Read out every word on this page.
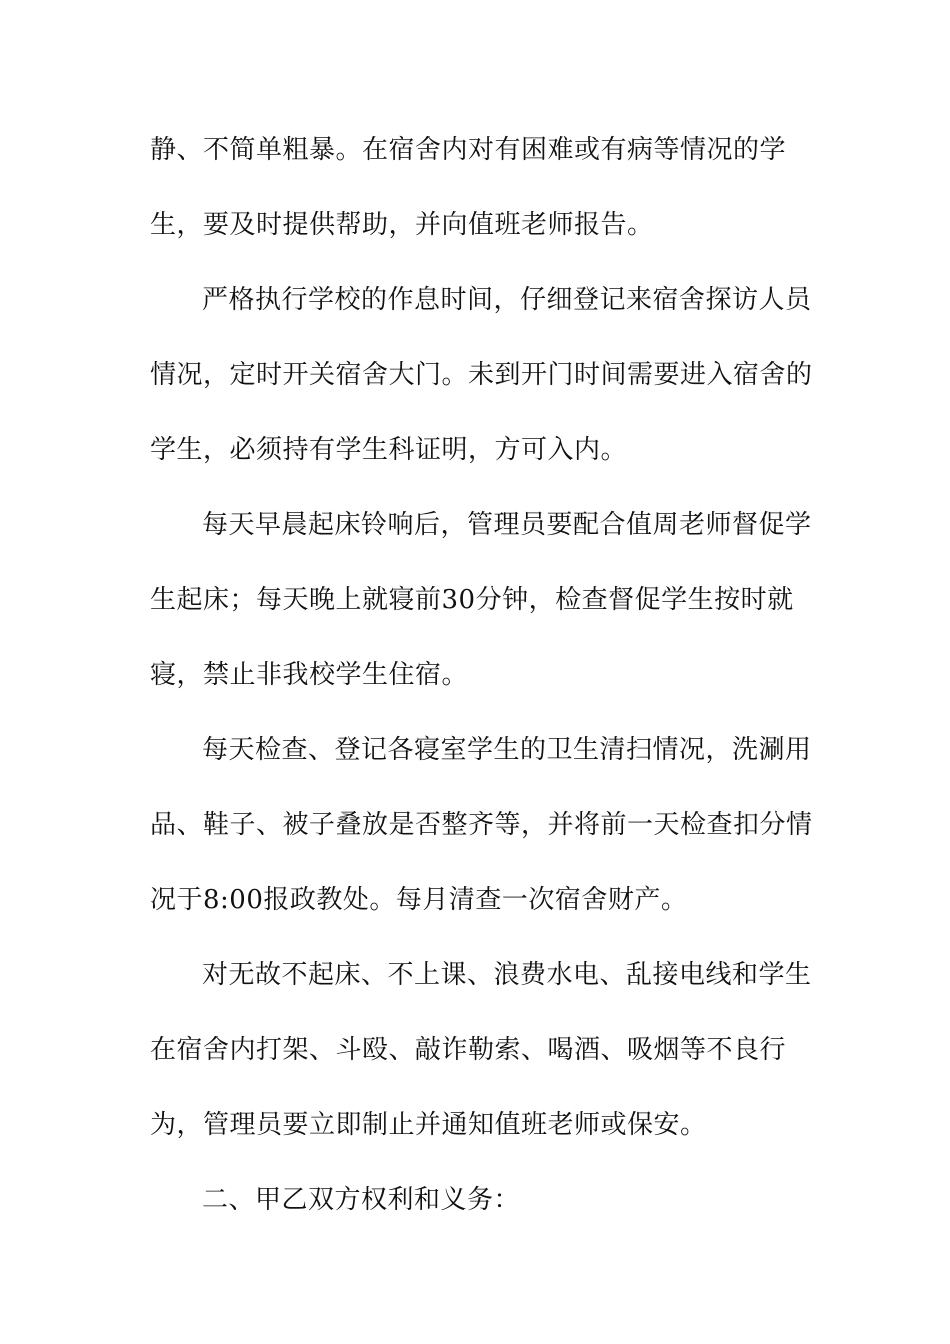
静、不简单粗暴。在宿舍内对有困难或有病等情况的学
生，要及时提供帮助，并向值班老师报告。
严格执行学校的作息时间，仔细登记来宿舍探访人员
情况，定时开关宿舍大门。未到开门时间需要进入宿舍的
学生，必须持有学生科证明，方可入内。
每天早晨起床铃响后，管理员要配合值周老师督促学
生起床；每天晚上就寝前30分钟，检查督促学生按时就
寝，禁止非我校学生住宿。
每天检查、登记各寝室学生的卫生清扫情况，洗涮用
品、鞋子、被子叠放是否整齐等，并将前一天检查扣分情
况于8:00报政教处。每月清查一次宿舍财产。
对无故不起床、不上课、浪费水电、乱接电线和学生
在宿舍内打架、斗殴、敲诈勒索、喝酒、吸烟等不良行
为，管理员要立即制止并通知值班老师或保安。
二、甲乙双方权利和义务：
